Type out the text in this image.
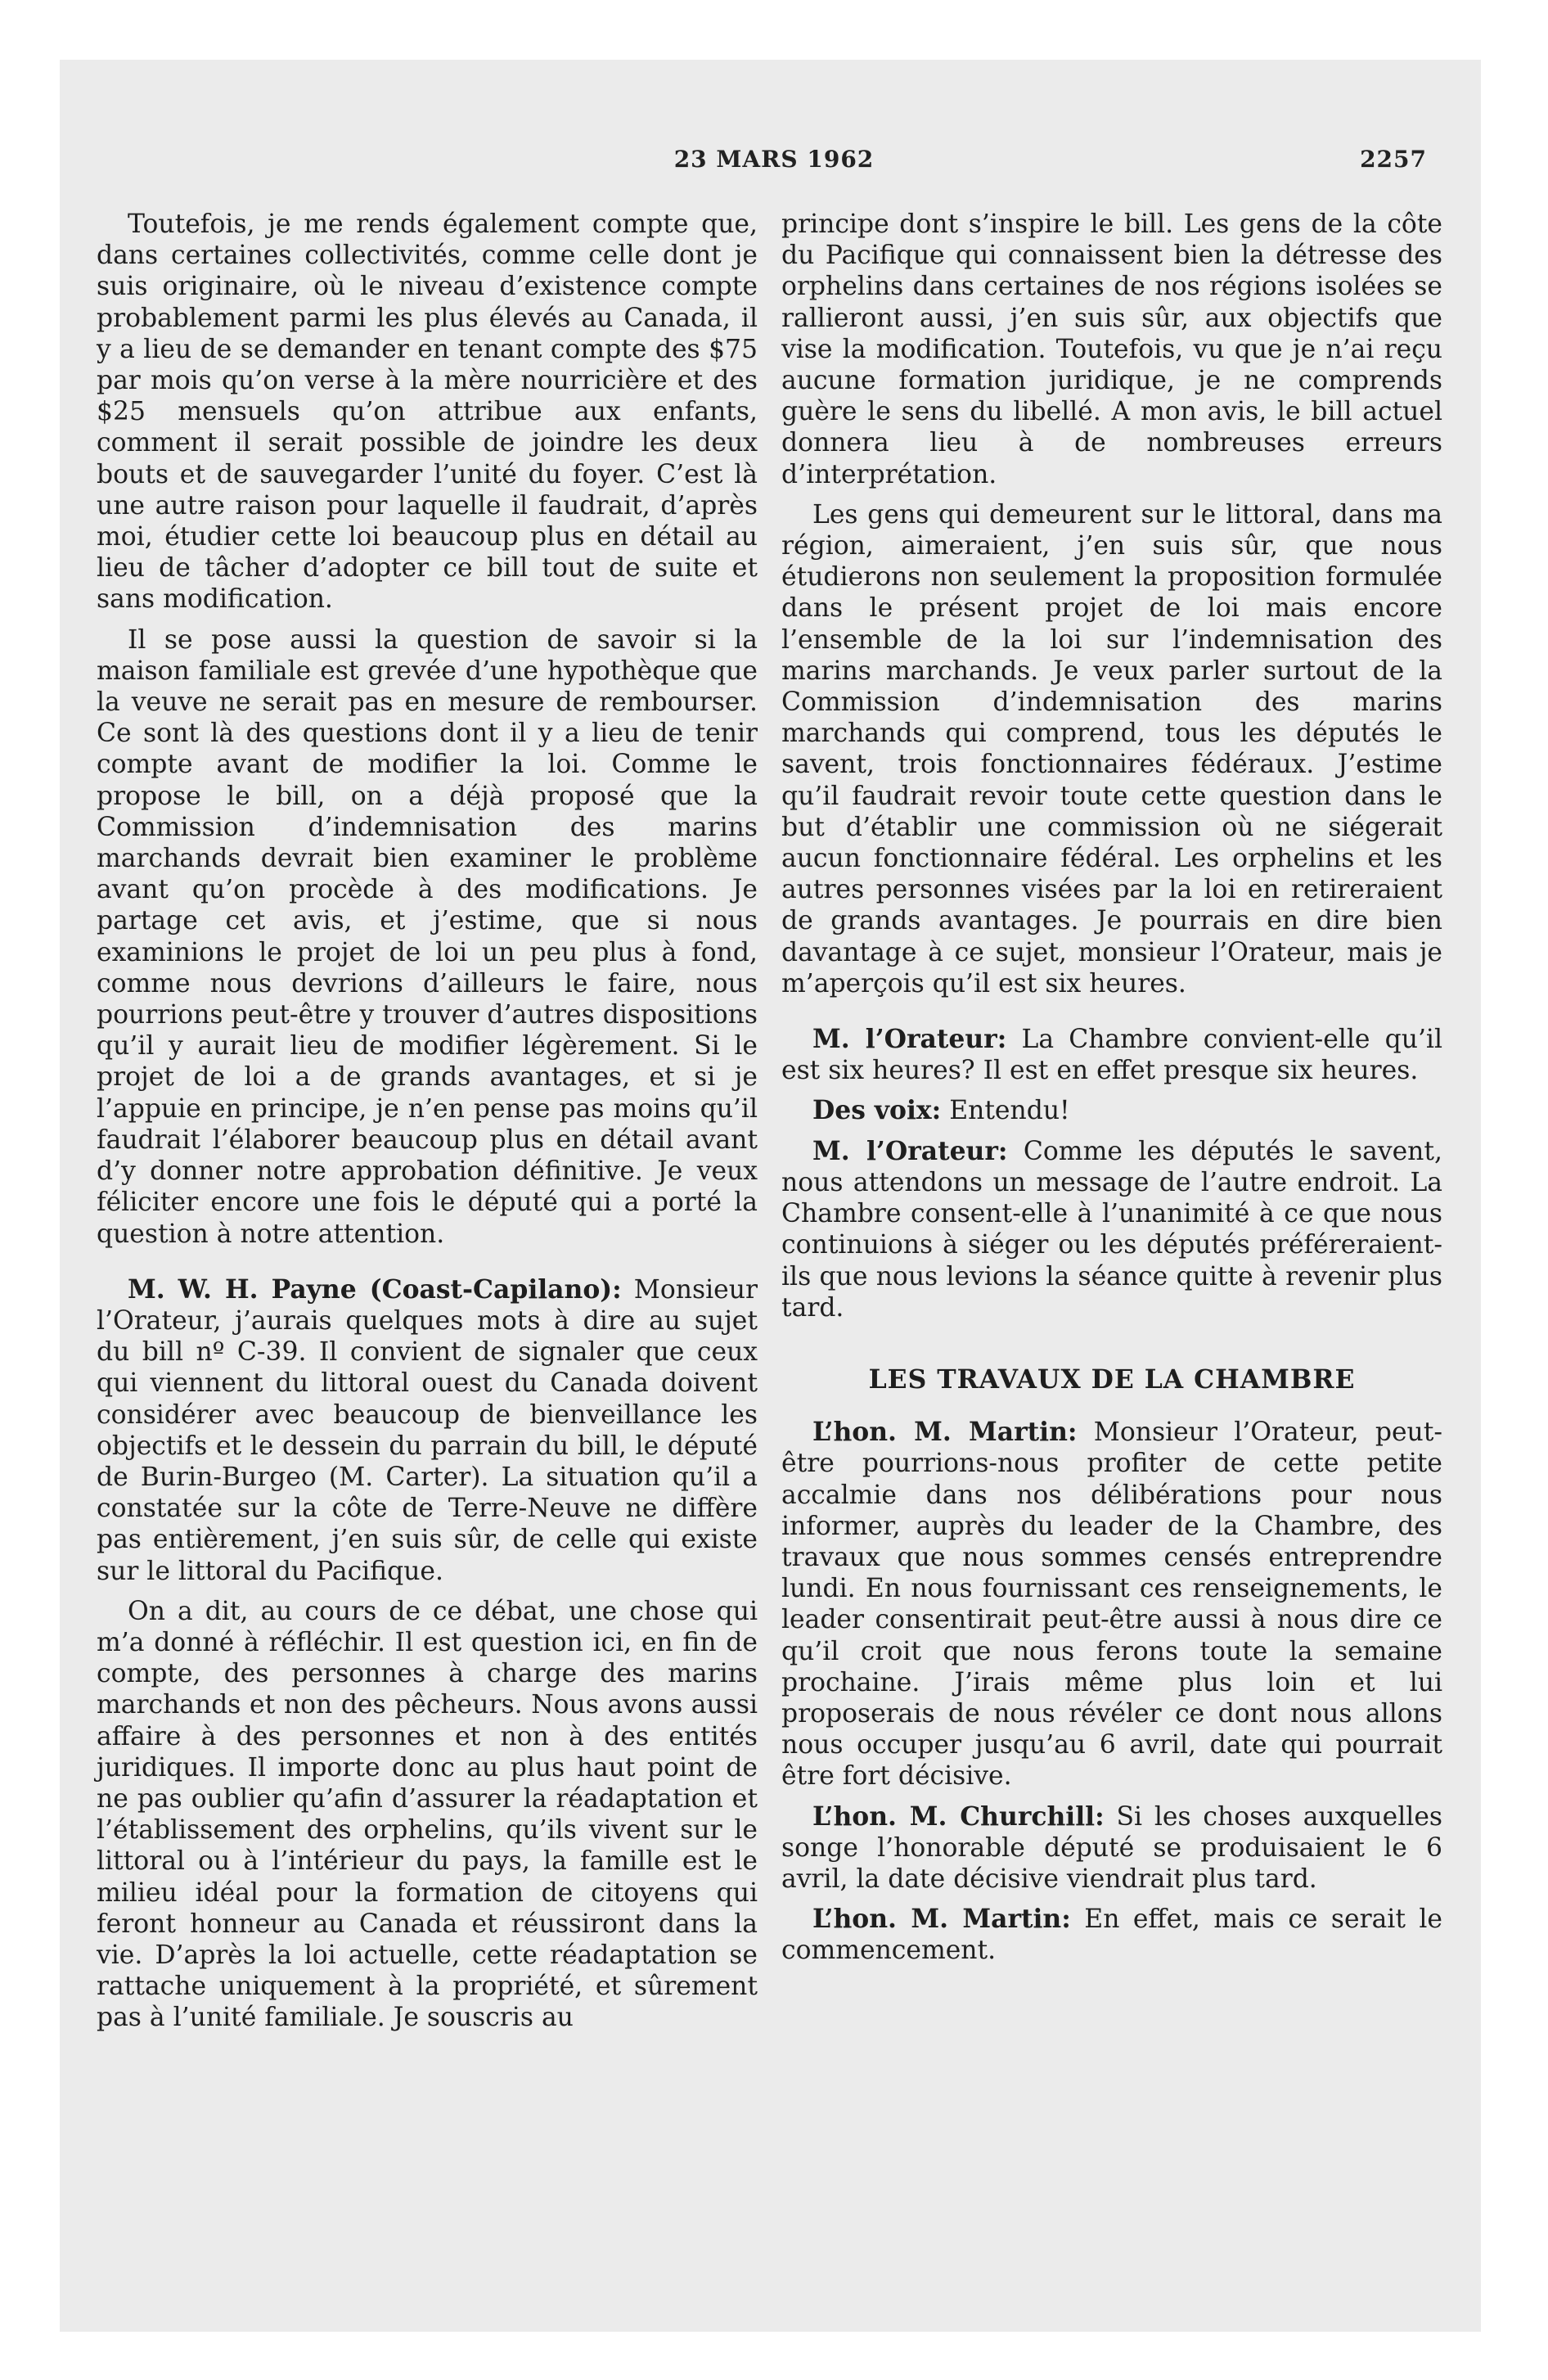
23 MARS 1962	2257

Toutefois, je me rends également compte que, dans certaines collectivités, comme celle dont je suis originaire, où le niveau d’existence compte probablement parmi les plus élevés au Canada, il y a lieu de se demander en tenant compte des $75 par mois qu’on verse à la mère nourricière et des $25 mensuels qu’on attribue aux enfants, comment il serait possible de joindre les deux bouts et de sauvegarder l’unité du foyer. C’est là une autre raison pour laquelle il faudrait, d’après moi, étudier cette loi beaucoup plus en détail au lieu de tâcher d’adopter ce bill tout de suite et sans modification.

Il se pose aussi la question de savoir si la maison familiale est grevée d’une hypothèque que la veuve ne serait pas en mesure de rembourser. Ce sont là des questions dont il y a lieu de tenir compte avant de modifier la loi. Comme le propose le bill, on a déjà proposé que la Commission d’indemnisation des marins marchands devrait bien examiner le problème avant qu’on procède à des modifications. Je partage cet avis, et j’estime, que si nous examinions le projet de loi un peu plus à fond, comme nous devrions d’ailleurs le faire, nous pourrions peut-être y trouver d’autres dispositions qu’il y aurait lieu de modifier légèrement. Si le projet de loi a de grands avantages, et si je l’appuie en principe, je n’en pense pas moins qu’il faudrait l’élaborer beaucoup plus en détail avant d’y donner notre approbation définitive. Je veux féliciter encore une fois le député qui a porté la question à notre attention.

M. W. H. Payne (Coast-Capilano): Monsieur l’Orateur, j’aurais quelques mots à dire au sujet du bill nº C-39. Il convient de signaler que ceux qui viennent du littoral ouest du Canada doivent considérer avec beaucoup de bienveillance les objectifs et le dessein du parrain du bill, le député de Burin-Burgeo (M. Carter). La situation qu’il a constatée sur la côte de Terre-Neuve ne diffère pas entièrement, j’en suis sûr, de celle qui existe sur le littoral du Pacifique.

On a dit, au cours de ce débat, une chose qui m’a donné à réfléchir. Il est question ici, en fin de compte, des personnes à charge des marins marchands et non des pêcheurs. Nous avons aussi affaire à des personnes et non à des entités juridiques. Il importe donc au plus haut point de ne pas oublier qu’afin d’assurer la réadaptation et l’établissement des orphelins, qu’ils vivent sur le littoral ou à l’intérieur du pays, la famille est le milieu idéal pour la formation de citoyens qui feront honneur au Canada et réussiront dans la vie. D’après la loi actuelle, cette réadaptation se rattache uniquement à la propriété, et sûrement pas à l’unité familiale. Je souscris au

principe dont s’inspire le bill. Les gens de la côte du Pacifique qui connaissent bien la détresse des orphelins dans certaines de nos régions isolées se rallieront aussi, j’en suis sûr, aux objectifs que vise la modification. Toutefois, vu que je n’ai reçu aucune formation juridique, je ne comprends guère le sens du libellé. A mon avis, le bill actuel donnera lieu à de nombreuses erreurs d’interprétation.

Les gens qui demeurent sur le littoral, dans ma région, aimeraient, j’en suis sûr, que nous étudierons non seulement la proposition formulée dans le présent projet de loi mais encore l’ensemble de la loi sur l’indemnisation des marins marchands. Je veux parler surtout de la Commission d’indemnisation des marins marchands qui comprend, tous les députés le savent, trois fonctionnaires fédéraux. J’estime qu’il faudrait revoir toute cette question dans le but d’établir une commission où ne siégerait aucun fonctionnaire fédéral. Les orphelins et les autres personnes visées par la loi en retireraient de grands avantages. Je pourrais en dire bien davantage à ce sujet, monsieur l’Orateur, mais je m’aperçois qu’il est six heures.

M. l’Orateur: La Chambre convient-elle qu’il est six heures? Il est en effet presque six heures.

Des voix: Entendu!

M. l’Orateur: Comme les députés le savent, nous attendons un message de l’autre endroit. La Chambre consent-elle à l’unanimité à ce que nous continuions à siéger ou les députés préféreraient-ils que nous levions la séance quitte à revenir plus tard.

LES TRAVAUX DE LA CHAMBRE

L’hon. M. Martin: Monsieur l’Orateur, peut-être pourrions-nous profiter de cette petite accalmie dans nos délibérations pour nous informer, auprès du leader de la Chambre, des travaux que nous sommes censés entreprendre lundi. En nous fournissant ces renseignements, le leader consentirait peut-être aussi à nous dire ce qu’il croit que nous ferons toute la semaine prochaine. J’irais même plus loin et lui proposerais de nous révéler ce dont nous allons nous occuper jusqu’au 6 avril, date qui pourrait être fort décisive.

L’hon. M. Churchill: Si les choses auxquelles songe l’honorable député se produisaient le 6 avril, la date décisive viendrait plus tard.

L’hon. M. Martin: En effet, mais ce serait le commencement.
